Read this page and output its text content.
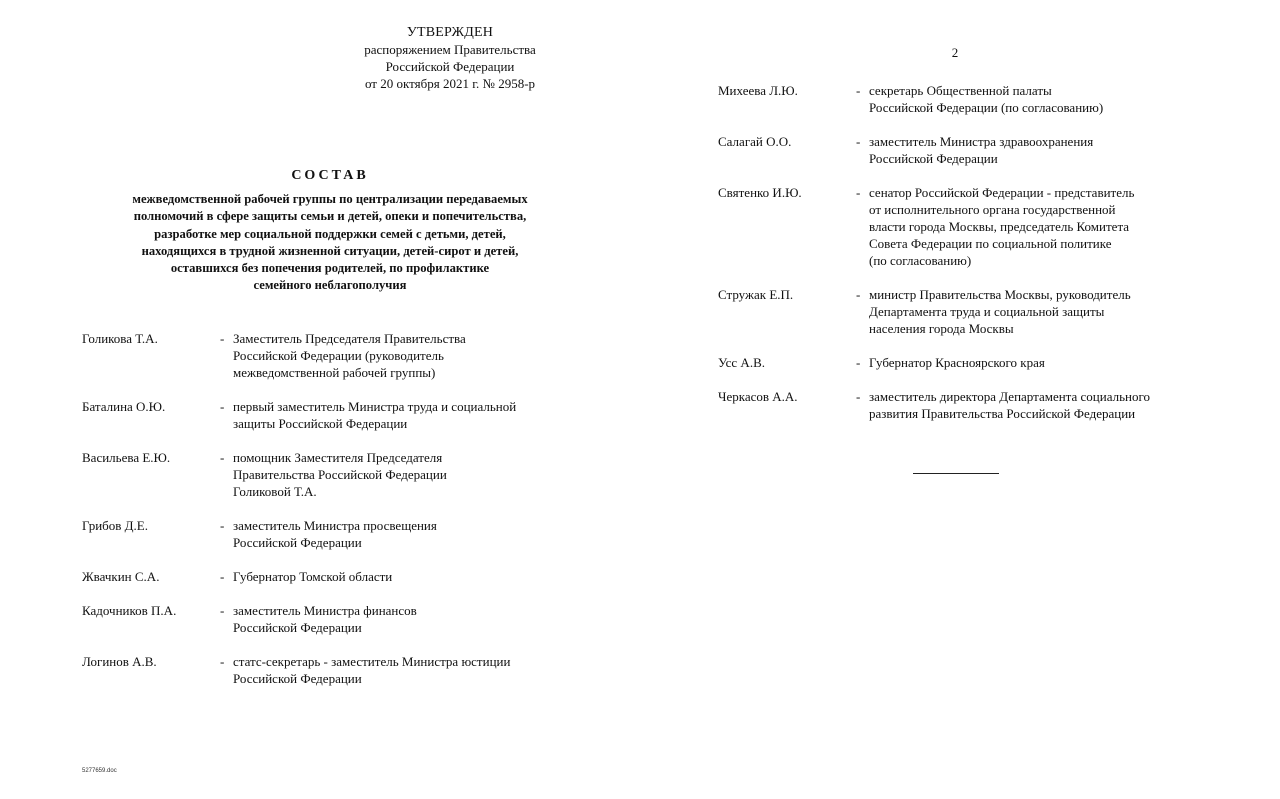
УТВЕРЖДЕН
распоряжением Правительства
Российской Федерации
от 20 октября 2021 г. № 2958-р
СОСТАВ
межведомственной рабочей группы по централизации передаваемых
полномочий в сфере защиты семьи и детей, опеки и попечительства,
разработке мер социальной поддержки семей с детьми, детей,
находящихся в трудной жизненной ситуации, детей-сирот и детей,
оставшихся без попечения родителей, по профилактике
семейного неблагополучия
Голикова Т.А.	- Заместитель Председателя Правительства
Российской Федерации (руководитель
межведомственной рабочей группы)
Баталина О.Ю.	- первый заместитель Министра труда и социальной
защиты Российской Федерации
Васильева Е.Ю.	- помощник Заместителя Председателя
Правительства Российской Федерации
Голиковой Т.А.
Грибов Д.Е.	- заместитель Министра просвещения
Российской Федерации
Жвачкин С.А.	- Губернатор Томской области
Кадочников П.А.	- заместитель Министра финансов
Российской Федерации
Логинов А.В.	- статс-секретарь - заместитель Министра юстиции
Российской Федерации
5277659.doc
2
Михеева Л.Ю.	- секретарь Общественной палаты
Российской Федерации (по согласованию)
Салагай О.О.	- заместитель Министра здравоохранения
Российской Федерации
Святенко И.Ю.	- сенатор Российской Федерации - представитель
от исполнительного органа государственной
власти города Москвы, председатель Комитета
Совета Федерации по социальной политике
(по согласованию)
Стружак Е.П.	- министр Правительства Москвы, руководитель
Департамента труда и социальной защиты
населения города Москвы
Усс А.В.	- Губернатор Красноярского края
Черкасов А.А.	- заместитель директора Департамента социального
развития Правительства Российской Федерации
